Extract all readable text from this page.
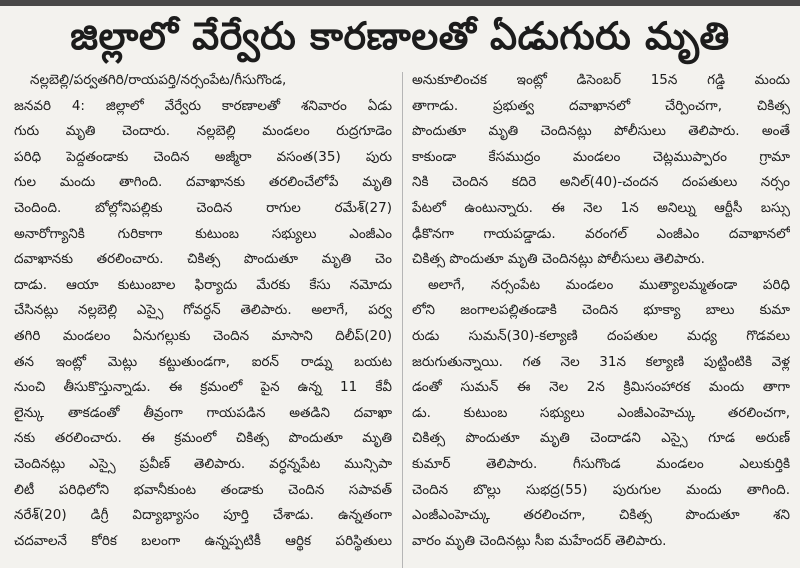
జిల్లాలో వేర్వేరు కారణాలతో ఏడుగురు మృతి
నల్లబెల్లి/పర్వతగిరి/రాయపర్తి/నర్సంపేట/గీసుగొండ,
జనవరి 4: జిల్లాలో వేర్వేరు కారణాలతో శనివారం ఏడు
గురు మృతి చెందారు. నల్లబెల్లి మండలం రుద్రగూడెం
పరిధి పెద్దతండాకు చెందిన అజ్మీరా వసంత(35) పురు
గుల మందు తాగింది. దవాఖానకు తరలించేలోపే మృతి
చెందింది. బోల్లోనిపల్లికు చెందిన రాగుల రమేశ్(27)
అనారోగ్యానికి గురికాగా కుటుంబ సభ్యులు ఎంజీఎం
దవాఖానకు తరలించారు. చికిత్స పొందుతూ మృతి చెం
దాడు. ఆయా కుటుంబాల ఫిర్యాదు మేరకు కేసు నమోదు
చేసినట్లు నల్లబెల్లి ఎస్సై గోవర్ధన్ తెలిపారు. అలాగే, పర్వ
తగిరి మండలం ఏనుగల్లుకు చెందిన మాసాని దిలీప్(20)
తన ఇంట్లో మెట్లు కట్టుతుండగా, ఐరన్ రాడ్ను బయట
నుంచి తీసుకొస్తున్నాడు. ఈ క్రమంలో పైన ఉన్న 11 కేవీ
లైన్కు తాకడంతో తీవ్రంగా గాయపడిన అతడిని దవాఖా
నకు తరలించారు. ఈ క్రమంలో చికిత్స పొందుతూ మృతి
చెందినట్లు ఎస్సై ప్రవీణ్ తెలిపారు. వర్ధన్నపేట మున్సిపా
లిటీ పరిధిలోని భవానీకుంట తండాకు చెందిన సపావత్
నరేశ్(20) డిగ్రీ విద్యాభ్యాసం పూర్తి చేశాడు. ఉన్నతంగా
చదవాలనే కోరిక బలంగా ఉన్నప్పటికీ ఆర్థిక పరిస్థితులు
అనుకూలించక ఇంట్లో డిసెంబర్ 15న గడ్డి మందు
తాగాడు. ప్రభుత్వ దవాఖానలో చేర్పించగా, చికిత్స
పొందుతూ మృతి చెందినట్లు పోలీసులు తెలిపారు. అంతే
కాకుండా కేసముద్రం మండలం చెట్లముప్పారం గ్రామా
నికి చెందిన కదిరె అనిల్(40)-చందన దంపతులు నర్సం
పేటలో ఉంటున్నారు. ఈ నెల 1న అనిల్ను ఆర్టీసీ బస్సు
ఢీకొనగా గాయపడ్డాడు. వరంగల్ ఎంజీఎం దవాఖానలో
చికిత్స పొందుతూ మృతి చెందినట్లు పోలీసులు తెలిపారు.
అలాగే, నర్సంపేట మండలం ముత్యాలమ్మతండా పరిధి
లోని జంగాలపల్లితండాకి చెందిన భూక్యా బాలు కుమా
రుడు సుమన్(30)-కల్యాణి దంపతుల మధ్య గొడవలు
జరుగుతున్నాయి. గత నెల 31న కల్యాణి పుట్టింటికి వెళ్ల
డంతో సుమన్ ఈ నెల 2న క్రిమిసంహారక మందు తాగా
డు. కుటుంబ సభ్యులు ఎంజీఎంహెచ్కు తరలించగా,
చికిత్స పొందుతూ మృతి చెందాడని ఎస్సై గూడ అరుణ్
కుమార్ తెలిపారు. గీసుగొండ మండలం ఎలుకుర్తికి
చెందిన బొల్లు సుభద్ర(55) పురుగుల మందు తాగింది.
ఎంజీఎంహెచ్కు తరలించగా, చికిత్స పొందుతూ శని
వారం మృతి చెందినట్లు సీఐ మహేందర్ తెలిపారు.
